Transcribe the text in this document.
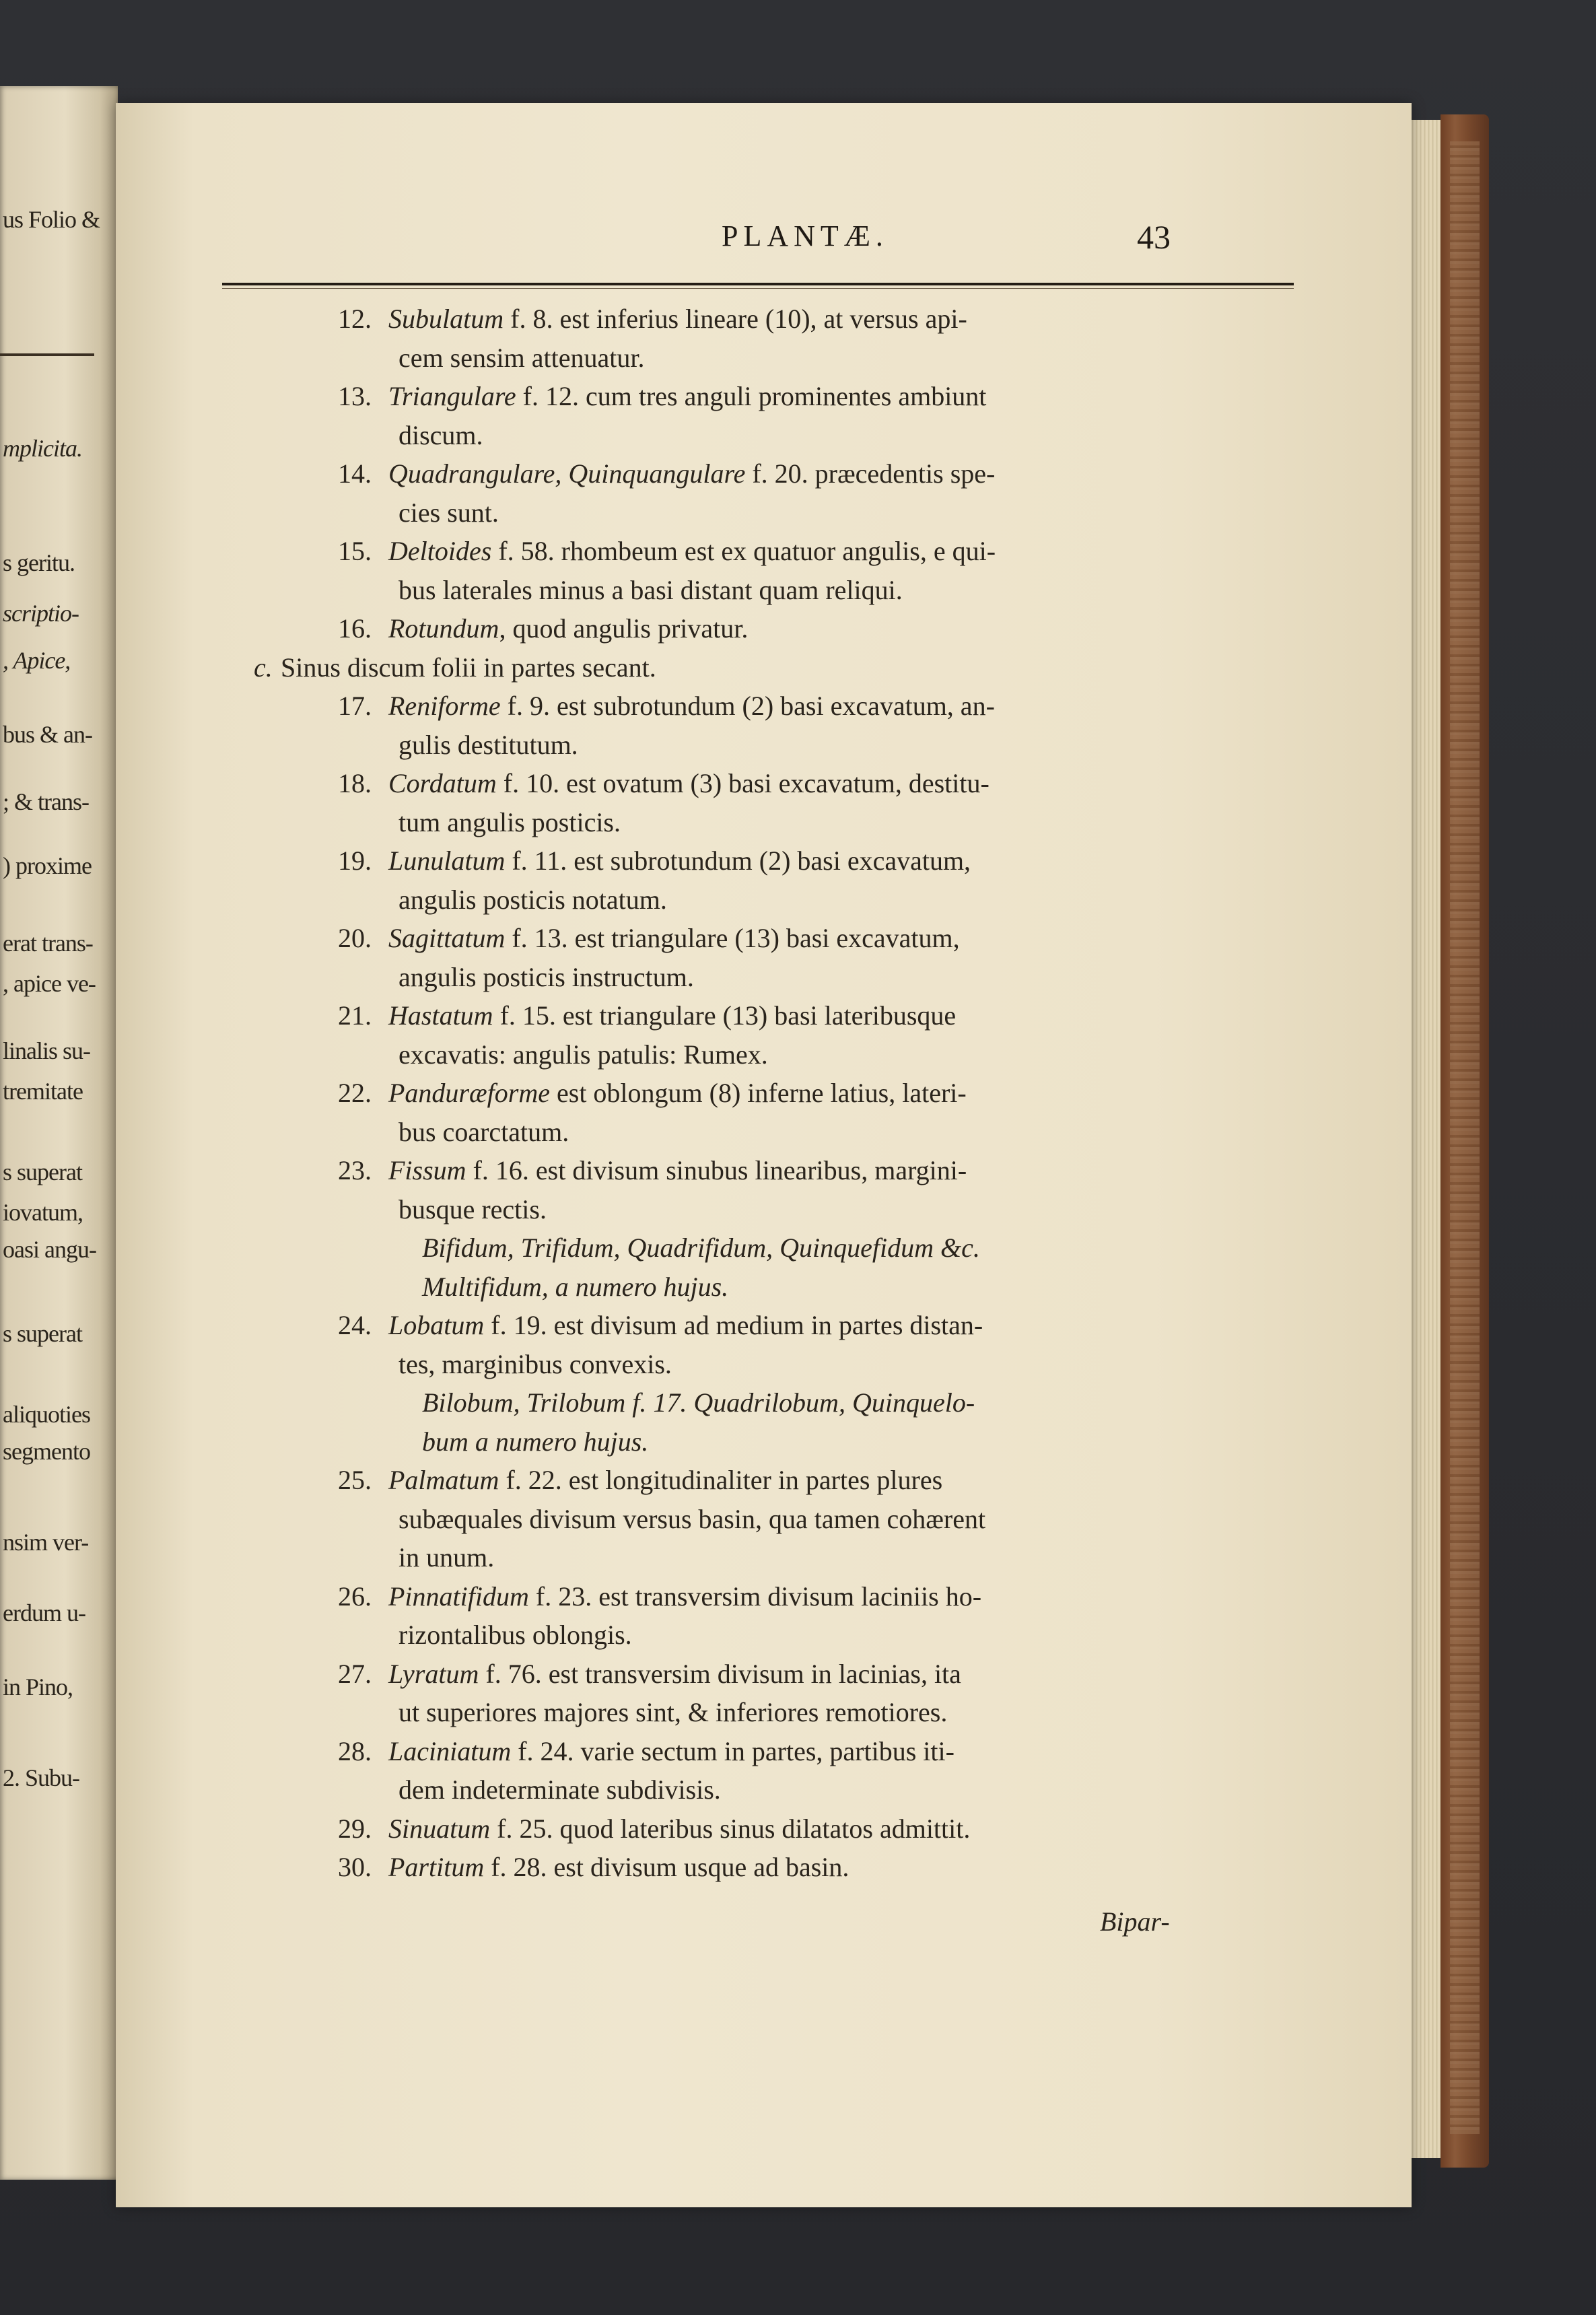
us Folio &
mplicita.
s geritu.
scriptio-
, Apice,
bus & an-
; & trans-
) proxime
erat trans-
, apice ve-
linalis su-
tremitate
s superat
iovatum,
oasi angu-
s superat
aliquoties
segmento
nsim ver-
erdum u-
in Pino,
2. Subu-
PLANTÆ.	43
12. Subulatum f. 8. est inferius lineare (10), at versus api-
cem sensim attenuatur.
13. Triangulare f. 12. cum tres anguli prominentes ambiunt
discum.
14. Quadrangulare, Quinquangulare f. 20. præcedentis spe-
cies sunt.
15. Deltoides f. 58. rhombeum est ex quatuor angulis, e qui-
bus laterales minus a basi distant quam reliqui.
16. Rotundum, quod angulis privatur.
c. Sinus discum folii in partes secant.
17. Reniforme f. 9. est subrotundum (2) basi excavatum, an-
gulis destitutum.
18. Cordatum f. 10. est ovatum (3) basi excavatum, destitu-
tum angulis posticis.
19. Lunulatum f. 11. est subrotundum (2) basi excavatum,
angulis posticis notatum.
20. Sagittatum f. 13. est triangulare (13) basi excavatum,
angulis posticis instructum.
21. Hastatum f. 15. est triangulare (13) basi lateribusque
excavatis: angulis patulis: Rumex.
22. Panduræforme est oblongum (8) inferne latius, lateri-
bus coarctatum.
23. Fissum f. 16. est divisum sinubus linearibus, margini-
busque rectis.
Bifidum, Trifidum, Quadrifidum, Quinquefidum &c.
Multifidum, a numero hujus.
24. Lobatum f. 19. est divisum ad medium in partes distan-
tes, marginibus convexis.
Bilobum, Trilobum f. 17. Quadrilobum, Quinquelo-
bum a numero hujus.
25. Palmatum f. 22. est longitudinaliter in partes plures
subæquales divisum versus basin, qua tamen cohærent
in unum.
26. Pinnatifidum f. 23. est transversim divisum laciniis ho-
rizontalibus oblongis.
27. Lyratum f. 76. est transversim divisum in lacinias, ita
ut superiores majores sint, & inferiores remotiores.
28. Laciniatum f. 24. varie sectum in partes, partibus iti-
dem indeterminate subdivisis.
29. Sinuatum f. 25. quod lateribus sinus dilatatos admittit.
30. Partitum f. 28. est divisum usque ad basin.
Bipar-
